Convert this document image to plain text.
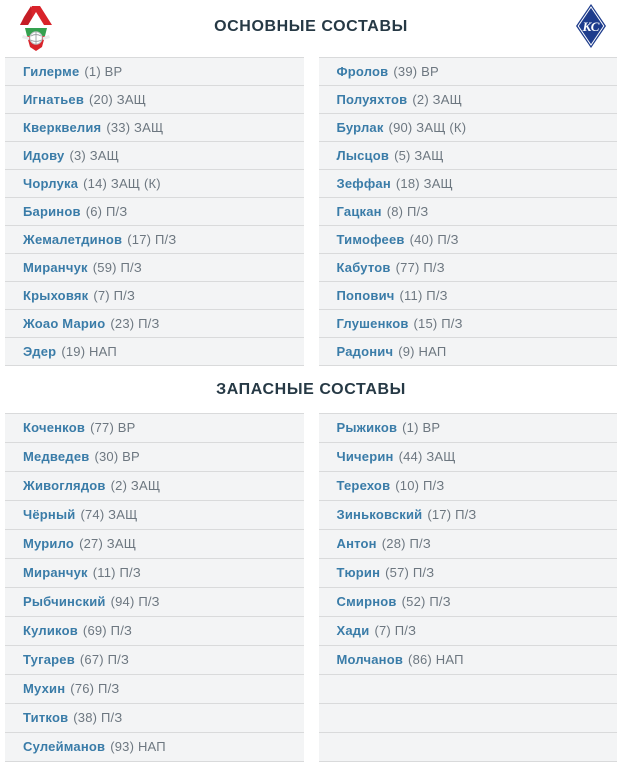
ОСНОВНЫЕ СОСТАВЫ	КС
Гилерме (1) ВР
Игнатьев (20) ЗАЩ
Кверквелия (33) ЗАЩ
Идову (3) ЗАЩ
Чорлука (14) ЗАЩ (К)
Баринов (6) П/З
Жемалетдинов (17) П/З
Миранчук (59) П/З
Крыховяк (7) П/З
Жоао Марио (23) П/З
Эдер (19) НАП
Фролов (39) ВР
Полуяхтов (2) ЗАЩ
Бурлак (90) ЗАЩ (К)
Лысцов (5) ЗАЩ
Зеффан (18) ЗАЩ
Гацкан (8) П/З
Тимофеев (40) П/З
Кабутов (77) П/З
Попович (11) П/З
Глушенков (15) П/З
Радонич (9) НАП
ЗАПАСНЫЕ СОСТАВЫ
Коченков (77) ВР
Медведев (30) ВР
Живоглядов (2) ЗАЩ
Чёрный (74) ЗАЩ
Мурило (27) ЗАЩ
Миранчук (11) П/З
Рыбчинский (94) П/З
Куликов (69) П/З
Тугарев (67) П/З
Мухин (76) П/З
Титков (38) П/З
Сулейманов (93) НАП
Рыжиков (1) ВР
Чичерин (44) ЗАЩ
Терехов (10) П/З
Зиньковский (17) П/З
Антон (28) П/З
Тюрин (57) П/З
Смирнов (52) П/З
Хади (7) П/З
Молчанов (86) НАП
